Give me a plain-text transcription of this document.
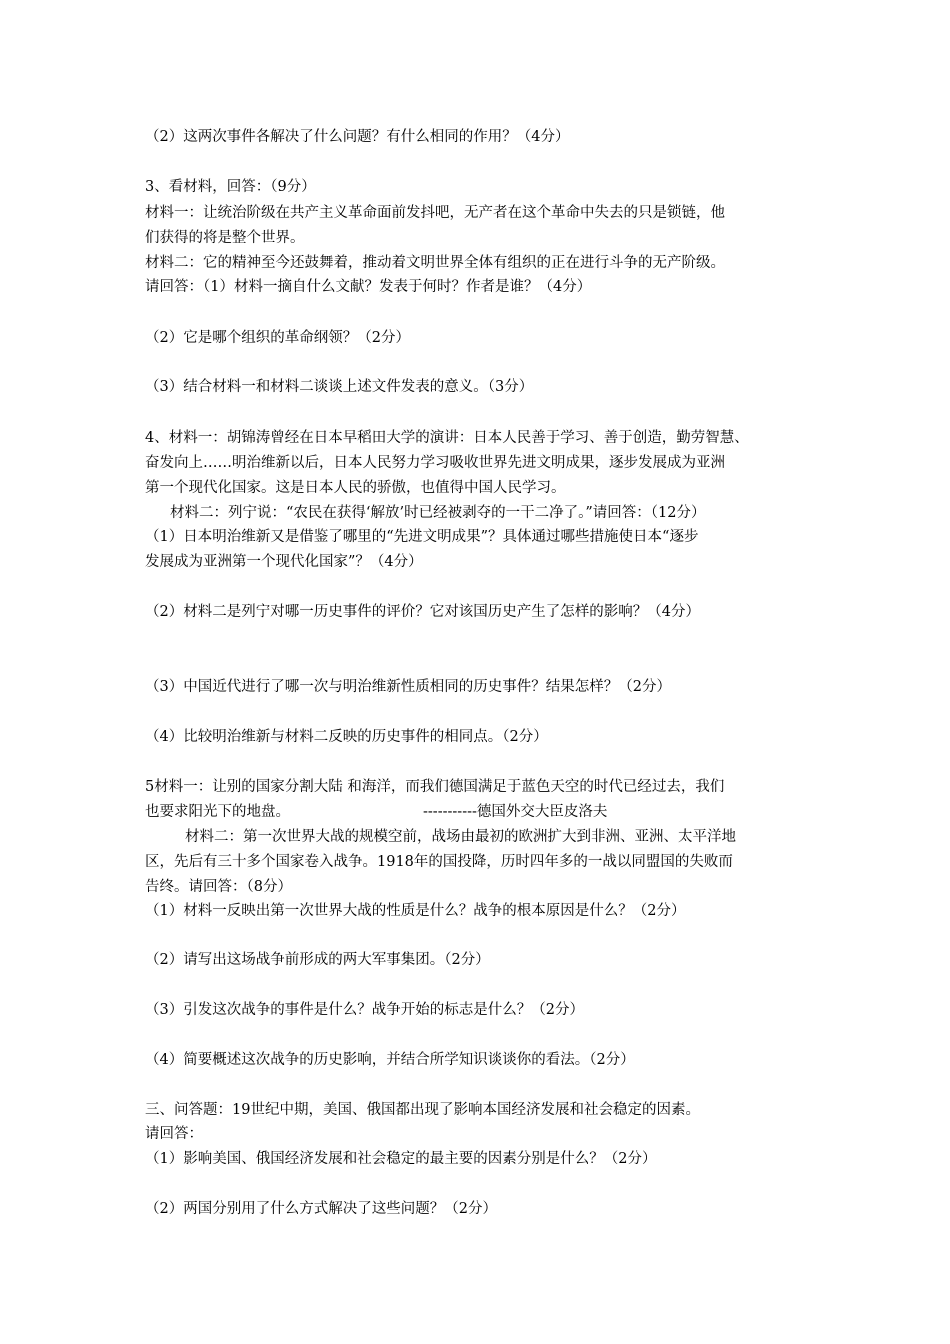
（2）这两次事件各解决了什么问题？有什么相同的作用？（4分）
3、看材料，回答：（9分）
材料一：让统治阶级在共产主义革命面前发抖吧，无产者在这个革命中失去的只是锁链，他
们获得的将是整个世界。
材料二：它的精神至今还鼓舞着，推动着文明世界全体有组织的正在进行斗争的无产阶级。
请回答：（1）材料一摘自什么文献？发表于何时？作者是谁？（4分）
（2）它是哪个组织的革命纲领？（2分）
（3）结合材料一和材料二谈谈上述文件发表的意义。（3分）
4、材料一：胡锦涛曾经在日本早稻田大学的演讲：日本人民善于学习、善于创造，勤劳智慧、
奋发向上……明治维新以后，日本人民努力学习吸收世界先进文明成果，逐步发展成为亚洲
第一个现代化国家。这是日本人民的骄傲，也值得中国人民学习。
材料二：列宁说：“农民在获得‘解放’时已经被剥夺的一干二净了。”请回答：（12分）
（1）日本明治维新又是借鉴了哪里的“先进文明成果”？具体通过哪些措施使日本“逐步
发展成为亚洲第一个现代化国家”？（4分）
（2）材料二是列宁对哪一历史事件的评价？它对该国历史产生了怎样的影响？（4分）
（3）中国近代进行了哪一次与明治维新性质相同的历史事件？结果怎样？（2分）
（4）比较明治维新与材料二反映的历史事件的相同点。（2分）
5材料一：让别的国家分割大陆 和海洋，而我们德国满足于蓝色天空的时代已经过去，我们
也要求阳光下的地盘。	-----------德国外交大臣皮洛夫
材料二：第一次世界大战的规模空前，战场由最初的欧洲扩大到非洲、亚洲、太平洋地
区，先后有三十多个国家卷入战争。1918年的国投降，历时四年多的一战以同盟国的失败而
告终。请回答：（8分）
（1）材料一反映出第一次世界大战的性质是什么？战争的根本原因是什么？（2分）
（2）请写出这场战争前形成的两大军事集团。（2分）
（3）引发这次战争的事件是什么？战争开始的标志是什么？（2分）
（4）简要概述这次战争的历史影响，并结合所学知识谈谈你的看法。（2分）
三、问答题：19世纪中期，美国、俄国都出现了影响本国经济发展和社会稳定的因素。
请回答：
（1）影响美国、俄国经济发展和社会稳定的最主要的因素分别是什么？（2分）
（2）两国分别用了什么方式解决了这些问题？（2分）
